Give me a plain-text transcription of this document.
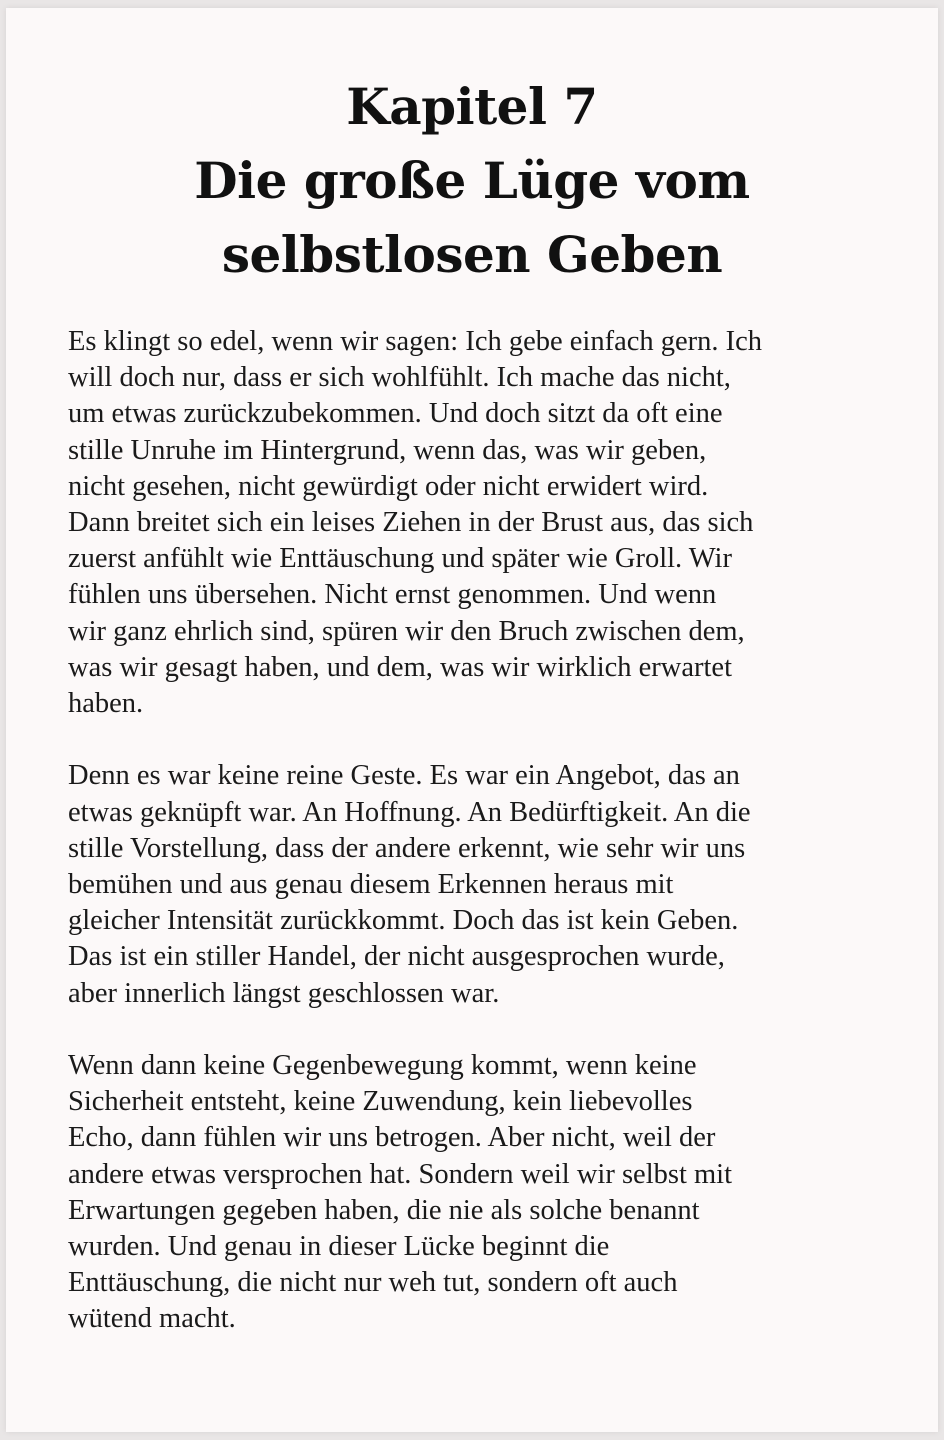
Kapitel 7
Die große Lüge vom
selbstlosen Geben

Es klingt so edel, wenn wir sagen: Ich gebe einfach gern. Ich
will doch nur, dass er sich wohlfühlt. Ich mache das nicht,
um etwas zurückzubekommen. Und doch sitzt da oft eine
stille Unruhe im Hintergrund, wenn das, was wir geben,
nicht gesehen, nicht gewürdigt oder nicht erwidert wird.
Dann breitet sich ein leises Ziehen in der Brust aus, das sich
zuerst anfühlt wie Enttäuschung und später wie Groll. Wir
fühlen uns übersehen. Nicht ernst genommen. Und wenn
wir ganz ehrlich sind, spüren wir den Bruch zwischen dem,
was wir gesagt haben, und dem, was wir wirklich erwartet
haben.

Denn es war keine reine Geste. Es war ein Angebot, das an
etwas geknüpft war. An Hoffnung. An Bedürftigkeit. An die
stille Vorstellung, dass der andere erkennt, wie sehr wir uns
bemühen und aus genau diesem Erkennen heraus mit
gleicher Intensität zurückkommt. Doch das ist kein Geben.
Das ist ein stiller Handel, der nicht ausgesprochen wurde,
aber innerlich längst geschlossen war.

Wenn dann keine Gegenbewegung kommt, wenn keine
Sicherheit entsteht, keine Zuwendung, kein liebevolles
Echo, dann fühlen wir uns betrogen. Aber nicht, weil der
andere etwas versprochen hat. Sondern weil wir selbst mit
Erwartungen gegeben haben, die nie als solche benannt
wurden. Und genau in dieser Lücke beginnt die
Enttäuschung, die nicht nur weh tut, sondern oft auch
wütend macht.
